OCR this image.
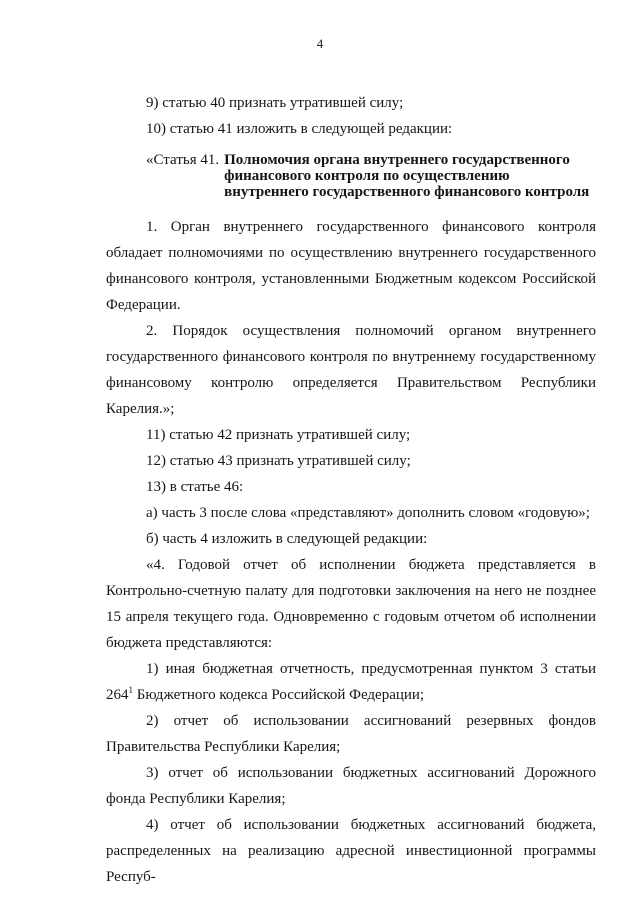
4

9) статью 40 признать утратившей силу;

10) статью 41 изложить в следующей редакции:

«Статья 41. Полномочия органа внутреннего государственного финансового контроля по осуществлению внутреннего государственного финансового контроля

1. Орган внутреннего государственного финансового контроля обладает полномочиями по осуществлению внутреннего государственного финансового контроля, установленными Бюджетным кодексом Российской Федерации.

2. Порядок осуществления полномочий органом внутреннего государственного финансового контроля по внутреннему государственному финансовому контролю определяется Правительством Республики Карелия.»;

11) статью 42 признать утратившей силу;

12) статью 43 признать утратившей силу;

13) в статье 46:

а) часть 3 после слова «представляют» дополнить словом «годовую»;

б) часть 4 изложить в следующей редакции:

«4. Годовой отчет об исполнении бюджета представляется в Контрольно-счетную палату для подготовки заключения на него не позднее 15 апреля текущего года. Одновременно с годовым отчетом об исполнении бюджета представляются:

1) иная бюджетная отчетность, предусмотренная пунктом 3 статьи $264^1$ Бюджетного кодекса Российской Федерации;

2) отчет об использовании ассигнований резервных фондов Правительства Республики Карелия;

3) отчет об использовании бюджетных ассигнований Дорожного фонда Республики Карелия;

4) отчет об использовании бюджетных ассигнований бюджета, распределенных на реализацию адресной инвестиционной программы Респуб-
